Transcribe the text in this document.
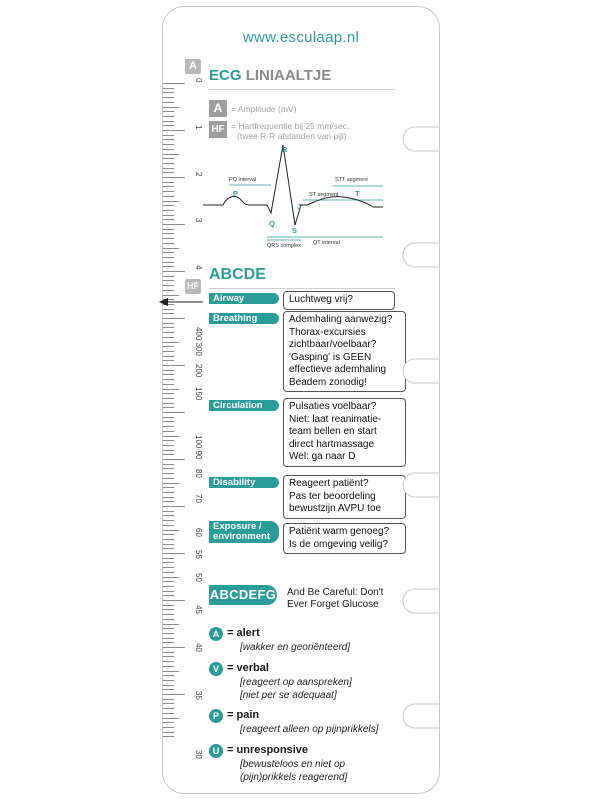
www.esculaap.nl
A
HF
0
1
2
3
4
400 300
200
150
100 90
80
70
60
55
50
45
40
35
30
ECG LINIAALTJE
A	= Amplitude (mV)
HF = Hartfrequentie bij 25 mm/sec.
(twee R-R afstanden van pijl)
PQ interval	STT segment
ST segment
QRS complex QT interval
P
Q
R
S
T
J
ABCDE
Airway	Luchtweg vrij?
Breathing	Ademhaling aanwezig?
Thorax-excursies
zichtbaar/voelbaar?
'Gasping' is GEEN
effectieve ademhaling
Beadem zonodig!
Circulation	Pulsaties voelbaar?
Niet: laat reanimatie-
team bellen en start
direct hartmassage
Wel: ga naar D
Disability	Reageert patiënt?
Pas ter beoordeling
bewustzijn AVPU toe
Exposure /
environment	Patiënt warm genoeg?
Is de omgeving veilig?
ABCDEFG And Be Careful: Don't
Ever Forget Glucose
A = alert
[wakker en georiënteerd]
V = verbal
[reageert op aanspreken]
[niet per se adequaat]
P = pain
[reageert alleen op pijnprikkels]
U = unresponsive
[bewusteloos en niet op
(pijn)prikkels reagerend]
